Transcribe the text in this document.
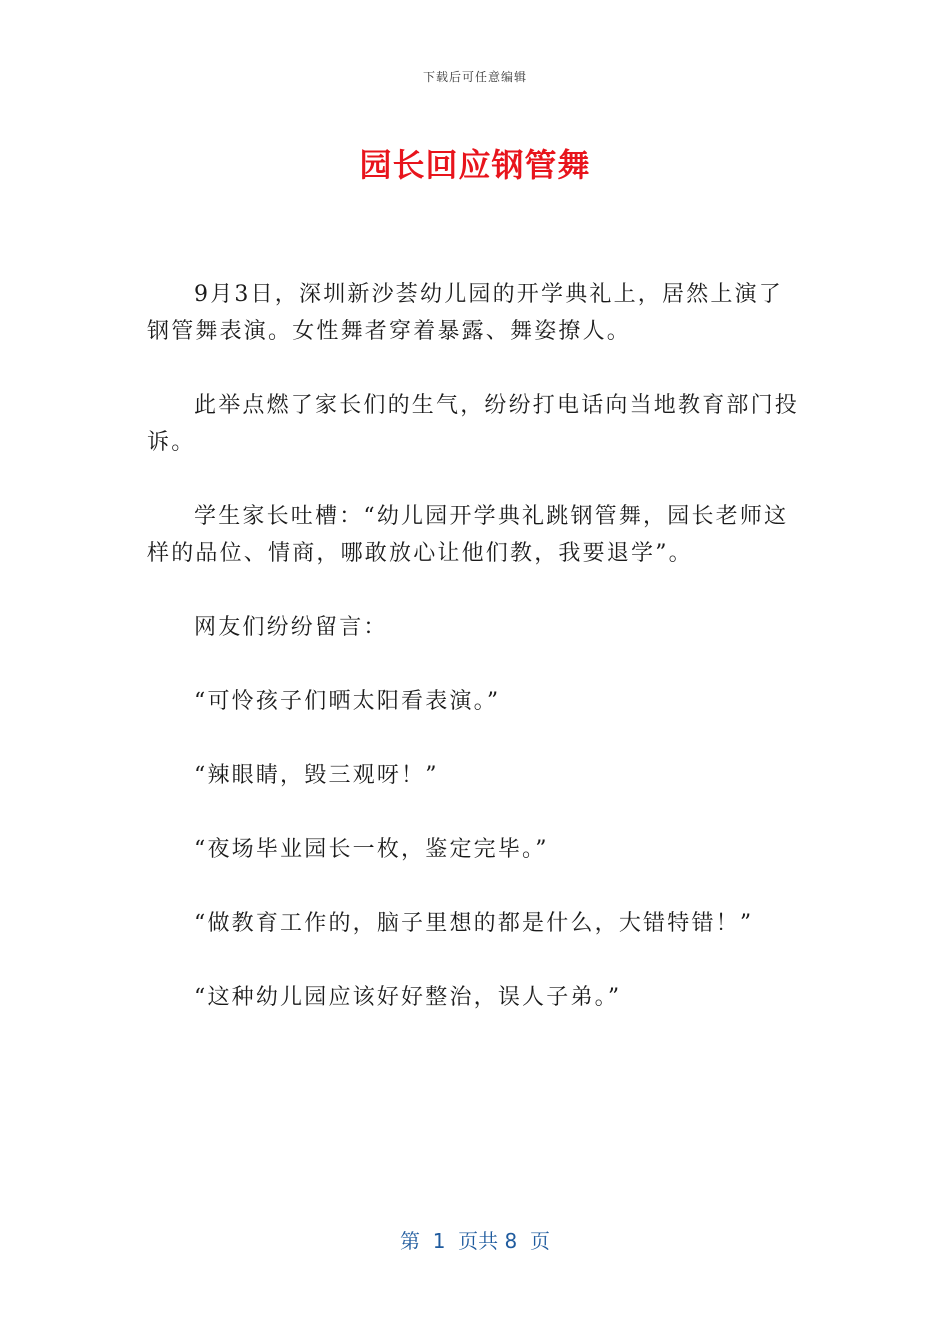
下载后可任意编辑
园长回应钢管舞

9月3日，深圳新沙荟幼儿园的开学典礼上，居然上演了钢管舞表演。女性舞者穿着暴露、舞姿撩人。

此举点燃了家长们的生气，纷纷打电话向当地教育部门投诉。

学生家长吐槽：“幼儿园开学典礼跳钢管舞，园长老师这样的品位、情商，哪敢放心让他们教，我要退学”。

网友们纷纷留言：

“可怜孩子们晒太阳看表演。”

“辣眼睛，毁三观呀！”

“夜场毕业园长一枚，鉴定完毕。”

“做教育工作的，脑子里想的都是什么，大错特错！”

“这种幼儿园应该好好整治，误人子弟。”

第  1  页共 8  页
